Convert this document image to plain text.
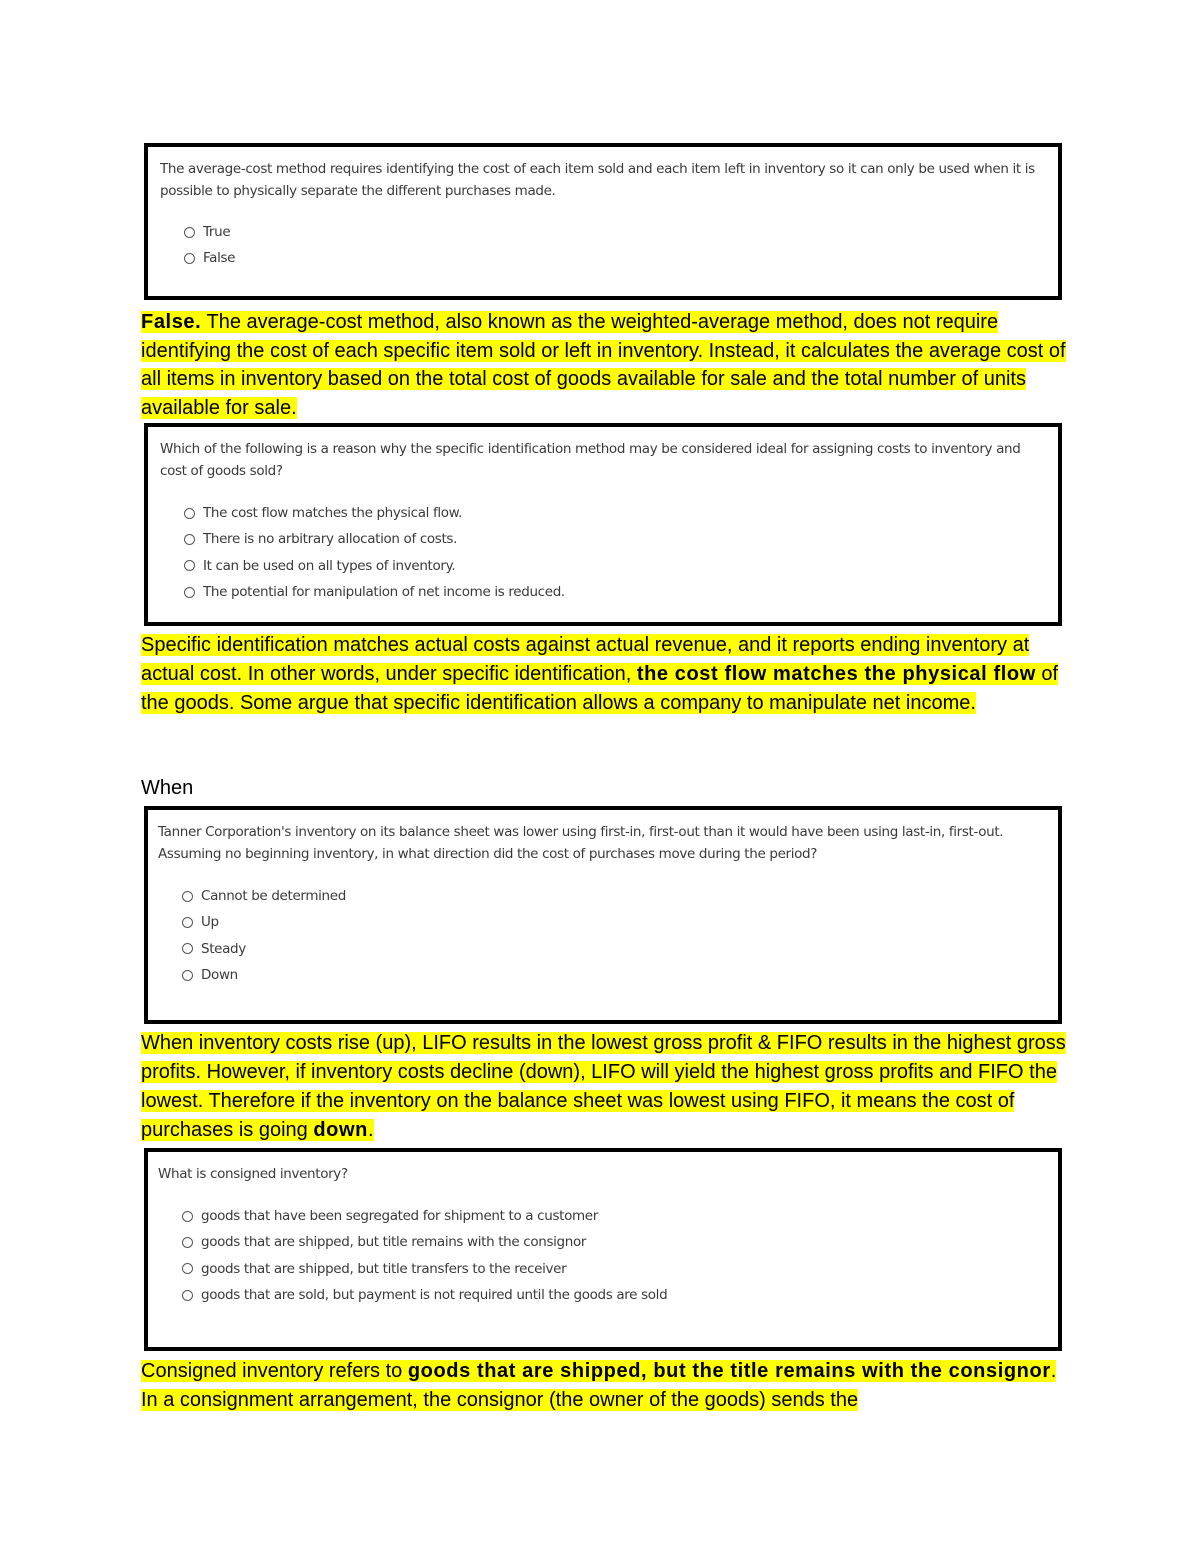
The average-cost method requires identifying the cost of each item sold and each item left in inventory so it can only be used when it is possible to physically separate the different purchases made.

True
False

False. The average-cost method, also known as the weighted-average method, does not require identifying the cost of each specific item sold or left in inventory. Instead, it calculates the average cost of all items in inventory based on the total cost of goods available for sale and the total number of units available for sale.

Which of the following is a reason why the specific identification method may be considered ideal for assigning costs to inventory and cost of goods sold?

The cost flow matches the physical flow.
There is no arbitrary allocation of costs.
It can be used on all types of inventory.
The potential for manipulation of net income is reduced.

Specific identification matches actual costs against actual revenue, and it reports ending inventory at actual cost. In other words, under specific identification, the cost flow matches the physical flow of the goods. Some argue that specific identification allows a company to manipulate net income.

When

Tanner Corporation's inventory on its balance sheet was lower using first-in, first-out than it would have been using last-in, first-out. Assuming no beginning inventory, in what direction did the cost of purchases move during the period?

Cannot be determined
Up
Steady
Down

When inventory costs rise (up), LIFO results in the lowest gross profit & FIFO results in the highest gross profits. However, if inventory costs decline (down), LIFO will yield the highest gross profits and FIFO the lowest. Therefore if the inventory on the balance sheet was lowest using FIFO, it means the cost of purchases is going down.

What is consigned inventory?

goods that have been segregated for shipment to a customer
goods that are shipped, but title remains with the consignor
goods that are shipped, but title transfers to the receiver
goods that are sold, but payment is not required until the goods are sold

Consigned inventory refers to goods that are shipped, but the title remains with the consignor. In a consignment arrangement, the consignor (the owner of the goods) sends the
